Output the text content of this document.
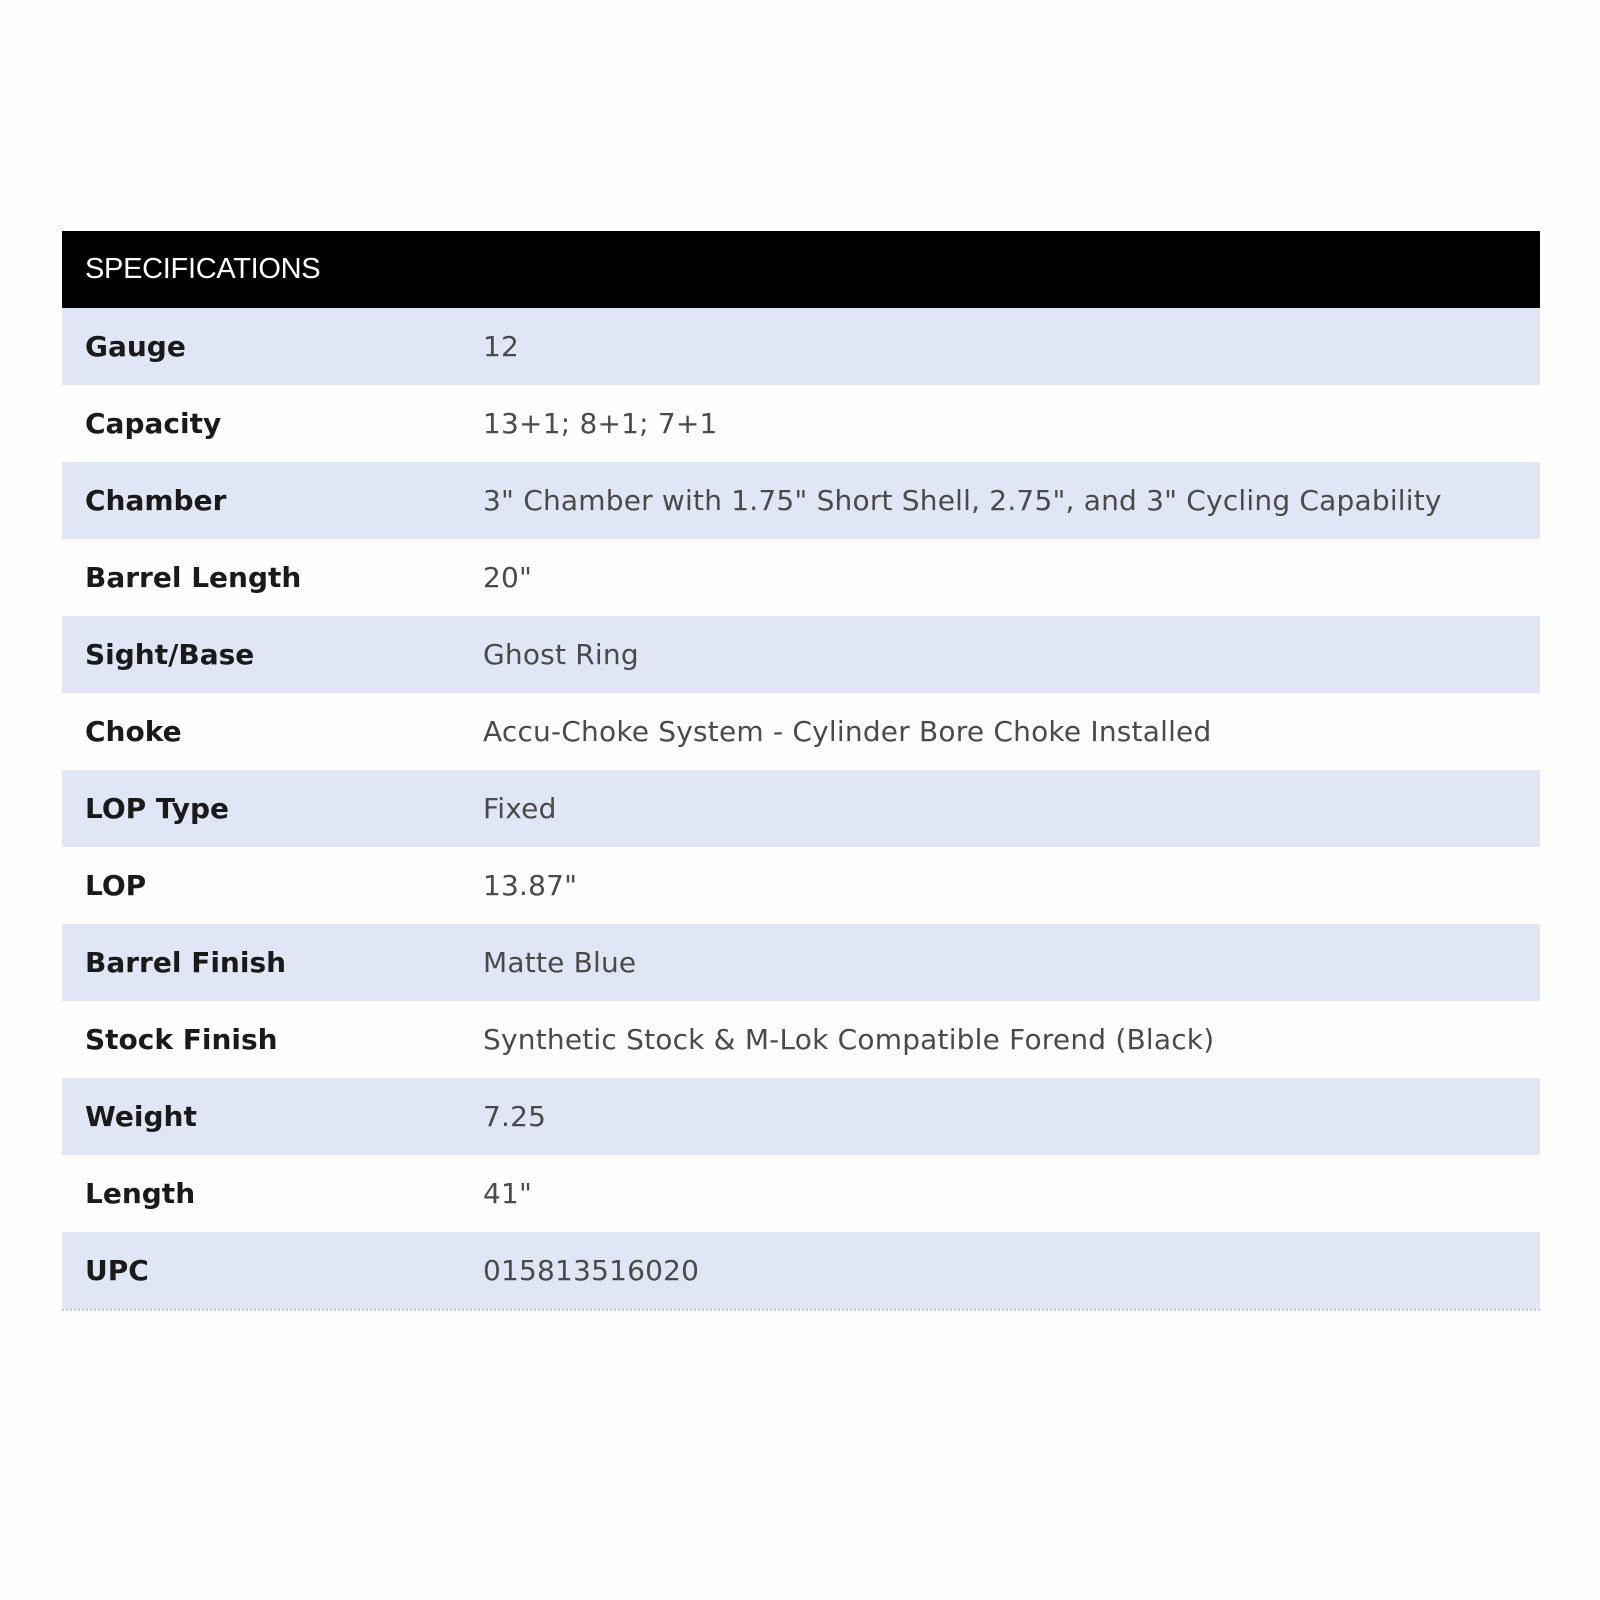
SPECIFICATIONS
Gauge	12
Capacity	13+1; 8+1; 7+1
Chamber	3" Chamber with 1.75" Short Shell, 2.75", and 3" Cycling Capability
Barrel Length	20"
Sight/Base	Ghost Ring
Choke	Accu-Choke System - Cylinder Bore Choke Installed
LOP Type	Fixed
LOP	13.87"
Barrel Finish	Matte Blue
Stock Finish	Synthetic Stock & M-Lok Compatible Forend (Black)
Weight	7.25
Length	41"
UPC	015813516020
